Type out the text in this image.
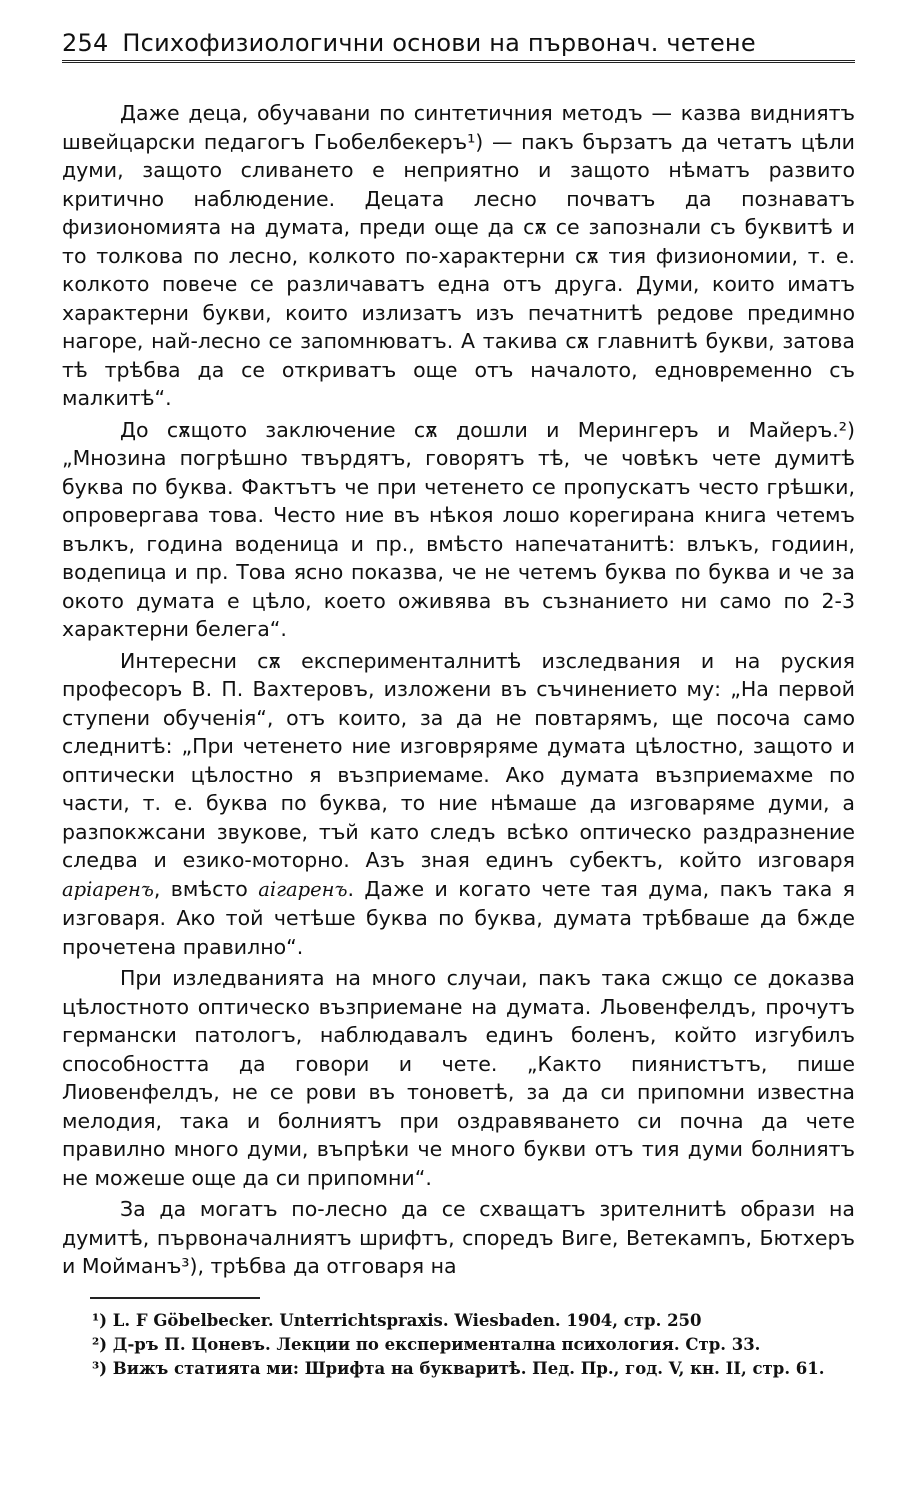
254 Психофизиологични основи на първонач. четене

Даже деца, обучавани по синтетичния методъ — казва видниятъ швейцарски педагогъ Гьобелбекеръ¹) — пакъ бързатъ да четатъ цѣли думи, защото сливането е неприятно и защото нѣматъ развито критично наблюдение. Децата лесно почватъ да познаватъ физиономията на думата, преди още да сѫ се запознали съ буквитѣ и то толкова по лесно, колкото по-характерни сѫ тия физиономии, т. е. колкото повече се различаватъ една отъ друга. Думи, които иматъ характерни букви, които излизатъ изъ печатнитѣ редове предимно нагоре, най-лесно се запомнюватъ. А такива сѫ главнитѣ букви, затова тѣ трѣбва да се откриватъ още отъ началото, едновременно съ малкитѣ“.

До сѫщото заключение сѫ дошли и Мерингеръ и Майеръ.²) „Мнозина погрѣшно твърдятъ, говорятъ тѣ, че човѣкъ чете думитѣ буква по буква. Фактътъ че при четенето се пропускатъ често грѣшки, опровергава това. Често ние въ нѣкоя лошо корегирана книга четемъ вълкъ, година воденица и пр., вмѣсто напечатанитѣ: влъкъ, годиин, водепица и пр. Това ясно показва, че не четемъ буква по буква и че за окото думата е цѣло, което оживява въ съзнанието ни само по 2-3 характерни белега“.

Интересни сѫ експерименталнитѣ изследвания и на руския професоръ В. П. Вахтеровъ, изложени въ съчинението му: „На первой ступени обученія“, отъ които, за да не повтарямъ, ще посоча само следнитѣ: „При четенето ние изговряряме думата цѣлостно, защото и оптически цѣлостно я възприемаме. Ако думата възприемахме по части, т. е. буква по буква, то ние нѣмаше да изговаряме думи, а разпокжсани звукове, тъй като следъ всѣко оптическо раздразнение следва и езико-моторно. Азъ зная единъ субектъ, който изговаря арiаренъ, вмѣсто аiгаренъ. Даже и когато чете тая дума, пакъ така я изговаря. Ако той четѣше буква по буква, думата трѣбваше да бжде прочетена правилно“.

При изледванията на много случаи, пакъ така сжщо се доказва цѣлостното оптическо възприемане на думата. Льовенфелдъ, прочутъ германски патологъ, наблюдавалъ единъ боленъ, който изгубилъ способността да говори и чете. „Както пиянистътъ, пише Лиовенфелдъ, не се рови въ тоноветѣ, за да си припомни известна мелодия, така и болниятъ при оздравяването си почна да чете правилно много думи, въпрѣки че много букви отъ тия думи болниятъ не можеше още да си припомни“.

За да могатъ по-лесно да се схващатъ зрителнитѣ образи на думитѣ, първоначалниятъ шрифтъ, споредъ Виге, Ветекампъ, Бютхеръ и Мойманъ³), трѣбва да отговаря на

¹) L. F Göbelbecker. Unterrichtspraxis. Wiesbaden. 1904, стр. 250

²) Д-ръ П. Цоневъ. Лекции по експериментална психология. Стр. 33.

³) Вижъ статията ми: Шрифта на букваритѣ. Пед. Пр., год. V, кн. II, стр. 61.
